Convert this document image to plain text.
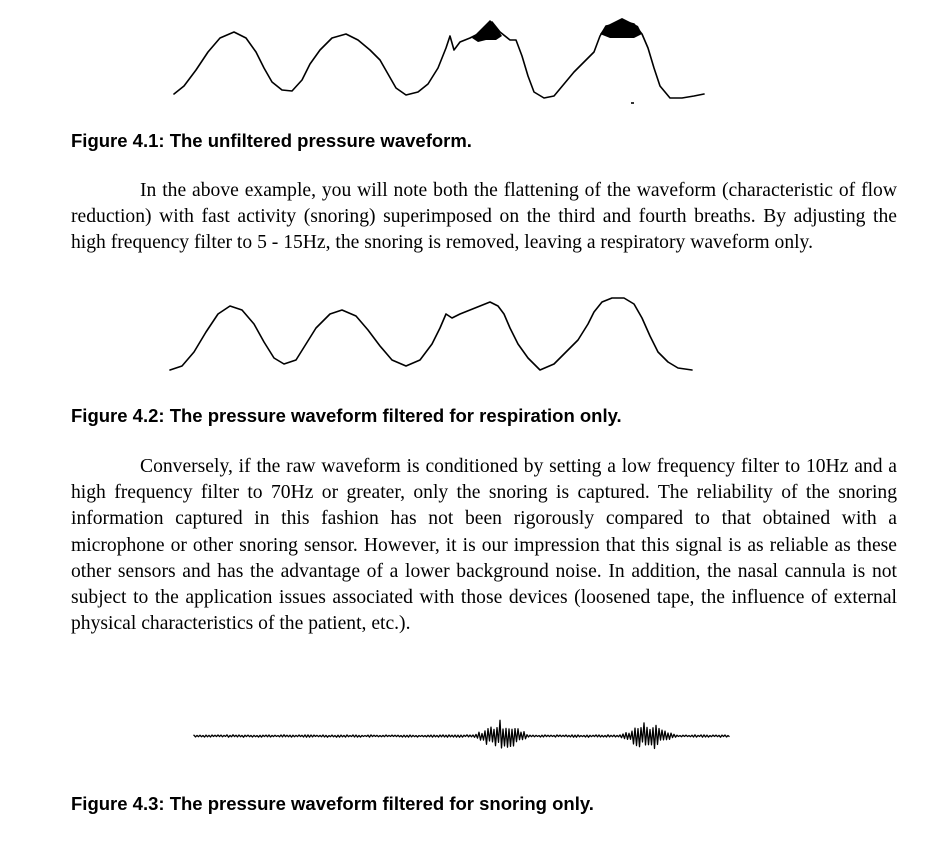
Figure 4.1: The unfiltered pressure waveform.

In the above example, you will note both the flattening of the waveform (characteristic of flow reduction) with fast activity (snoring) superimposed on the third and fourth breaths. By adjusting the high frequency filter to 5 - 15Hz, the snoring is removed, leaving a respiratory waveform only.

Figure 4.2: The pressure waveform filtered for respiration only.

Conversely, if the raw waveform is conditioned by setting a low frequency filter to 10Hz and a high frequency filter to 70Hz or greater, only the snoring is captured. The reliability of the snoring information captured in this fashion has not been rigorously compared to that obtained with a microphone or other snoring sensor. However, it is our impression that this signal is as reliable as these other sensors and has the advantage of a lower background noise. In addition, the nasal cannula is not subject to the application issues associated with those devices (loosened tape, the influence of external physical characteristics of the patient, etc.).

Figure 4.3: The pressure waveform filtered for snoring only.
